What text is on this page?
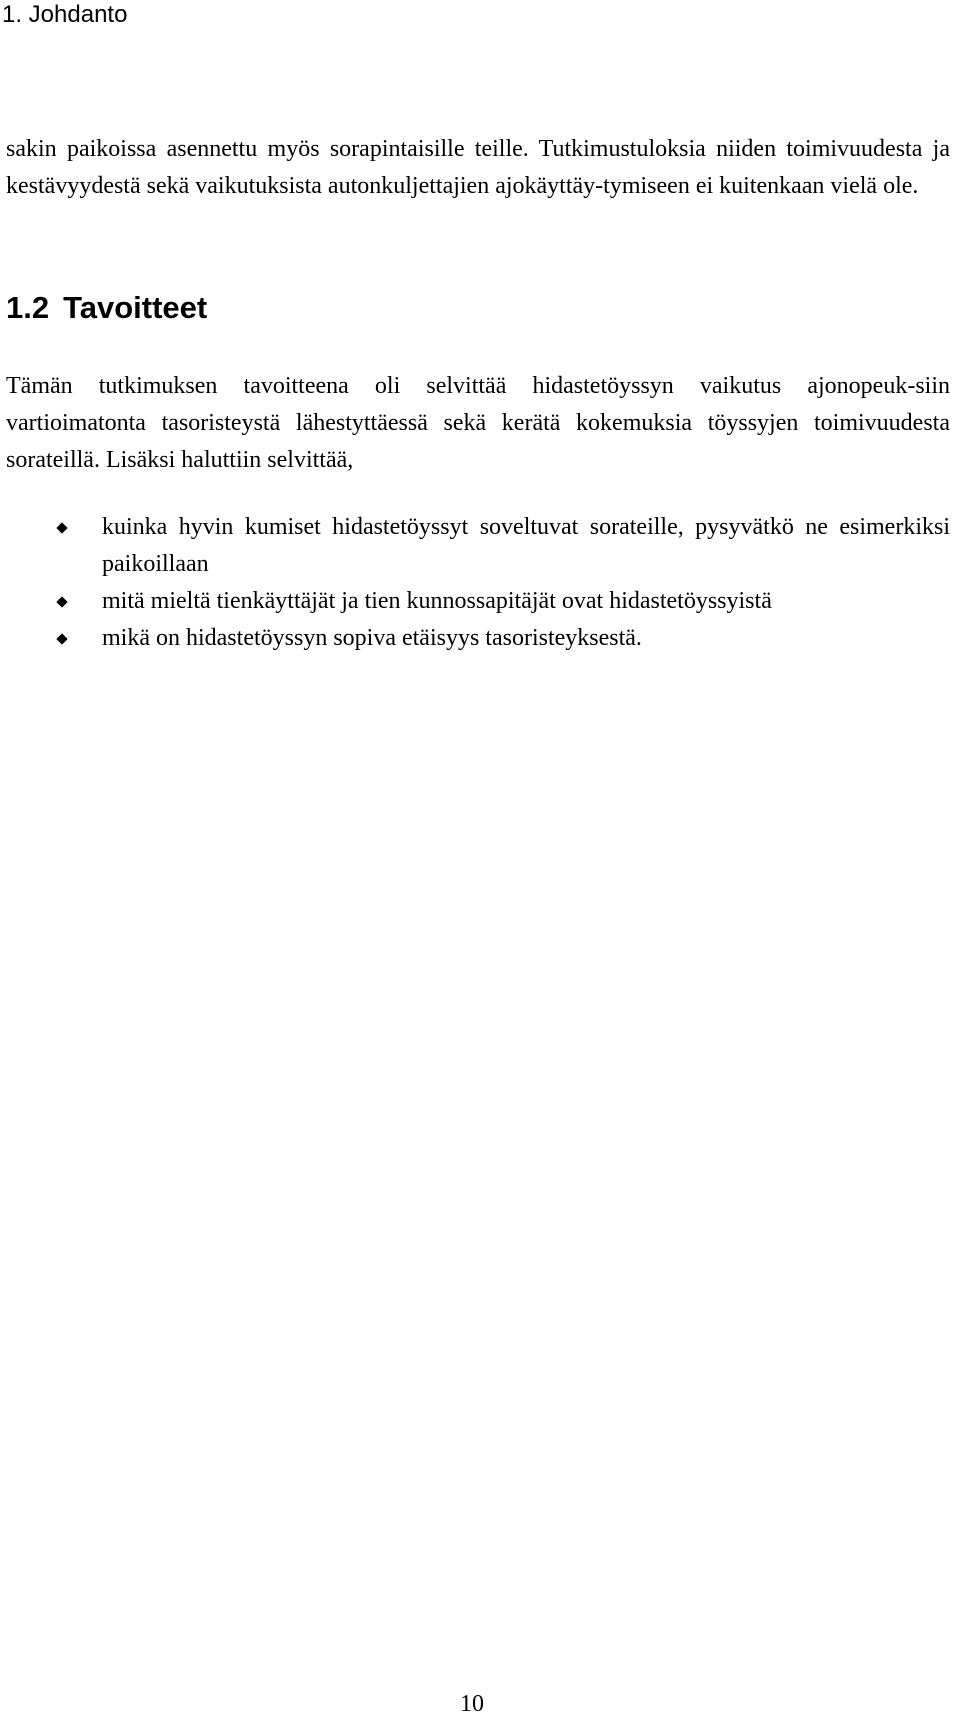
1. Johdanto

sakin paikoissa asennettu myös sorapintaisille teille. Tutkimustuloksia niiden toimivuudesta ja kestävyydestä sekä vaikutuksista autonkuljettajien ajokäyttäy-tymiseen ei kuitenkaan vielä ole.

1.2 Tavoitteet

Tämän tutkimuksen tavoitteena oli selvittää hidastetöyssyn vaikutus ajonopeuk-siin vartioimatonta tasoristeystä lähestyttäessä sekä kerätä kokemuksia töyssyjen toimivuudesta sorateillä. Lisäksi haluttiin selvittää,

kuinka hyvin kumiset hidastetöyssyt soveltuvat sorateille, pysyvätkö ne esimerkiksi paikoillaan
mitä mieltä tienkäyttäjät ja tien kunnossapitäjät ovat hidastetöyssyistä
mikä on hidastetöyssyn sopiva etäisyys tasoristeyksestä.
10
